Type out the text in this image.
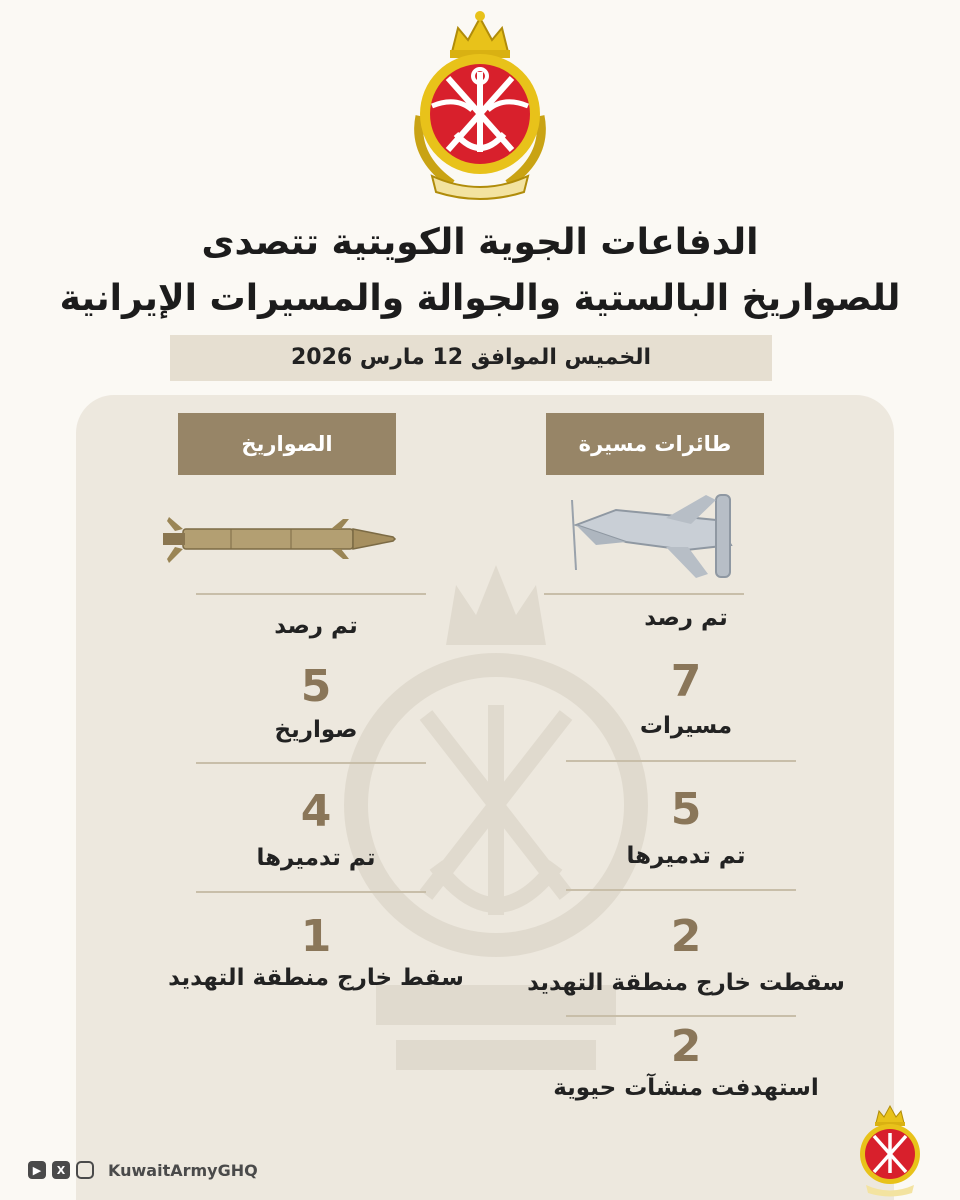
الدفاعات الجوية الكويتية تتصدى
للصواريخ البالستية والجوالة والمسيرات الإيرانية
الخميس الموافق 12 مارس 2026
طائرات مسيرة
تم رصد
7
مسيرات
5
تم تدميرها
2
سقطت خارج منطقة التهديد
2
استهدفت منشآت حيوية
الصواريخ
تم رصد
5
صواريخ
4
تم تدميرها
1
سقط خارج منطقة التهديد
▶	X	KuwaitArmyGHQ
